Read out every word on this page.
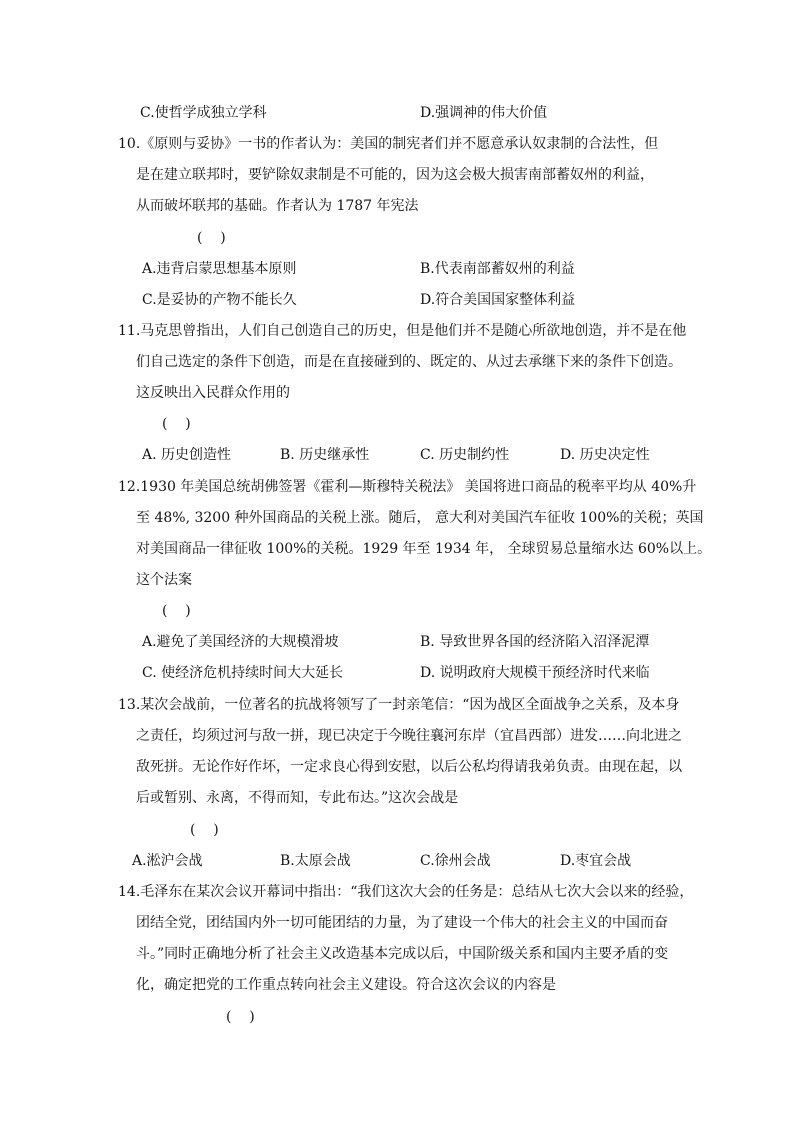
C.使哲学成独立学科	D.强调神的伟大价值
10.《原则与妥协》一书的作者认为：美国的制宪者们并不愿意承认奴隶制的合法性，但
是在建立联邦时，要铲除奴隶制是不可能的，因为这会极大损害南部蓄奴州的利益，
从而破坏联邦的基础。作者认为 1787 年宪法
(    )
A.违背启蒙思想基本原则	B.代表南部蓄奴州的利益
C.是妥协的产物不能长久	D.符合美国国家整体利益
11.马克思曾指出，人们自己创造自己的历史，但是他们并不是随心所欲地创造，并不是在他
们自己选定的条件下创造，而是在直接碰到的、既定的、从过去承继下来的条件下创造。
这反映出入民群众作用的
(    )
A. 历史创造性	B. 历史继承性	C. 历史制约性	D. 历史决定性
12.1930 年美国总统胡佛签署《霍利—斯穆特关税法》 美国将进口商品的税率平均从 40%升
至 48%, 3200 种外国商品的关税上涨。随后， 意大利对美国汽车征收 100%的关税；英国
对美国商品一律征收 100%的关税。1929 年至 1934 年， 全球贸易总量缩水达 60%以上。
这个法案
(    )
A.避免了美国经济的大规模滑坡	B. 导致世界各国的经济陷入沼泽泥潭
C. 使经济危机持续时间大大延长	D. 说明政府大规模干预经济时代来临
13.某次会战前，一位著名的抗战将领写了一封亲笔信：“因为战区全面战争之关系，及本身
之责任，均须过河与敌一拼，现已决定于今晚往襄河东岸（宜昌西部）进发……向北进之
敌死拼。无论作好作坏，一定求良心得到安慰，以后公私均得请我弟负责。由现在起，以
后或暂别、永离，不得而知，专此布达。”这次会战是
(    )
A.淞沪会战	B.太原会战	C.徐州会战	D.枣宜会战
14.毛泽东在某次会议开幕词中指出：“我们这次大会的任务是：总结从七次大会以来的经验，
团结全党，团结国内外一切可能团结的力量，为了建设一个伟大的社会主义的中国而奋
斗。”同时正确地分析了社会主义改造基本完成以后，中国阶级关系和国内主要矛盾的变
化，确定把党的工作重点转向社会主义建设。符合这次会议的内容是
(    )
